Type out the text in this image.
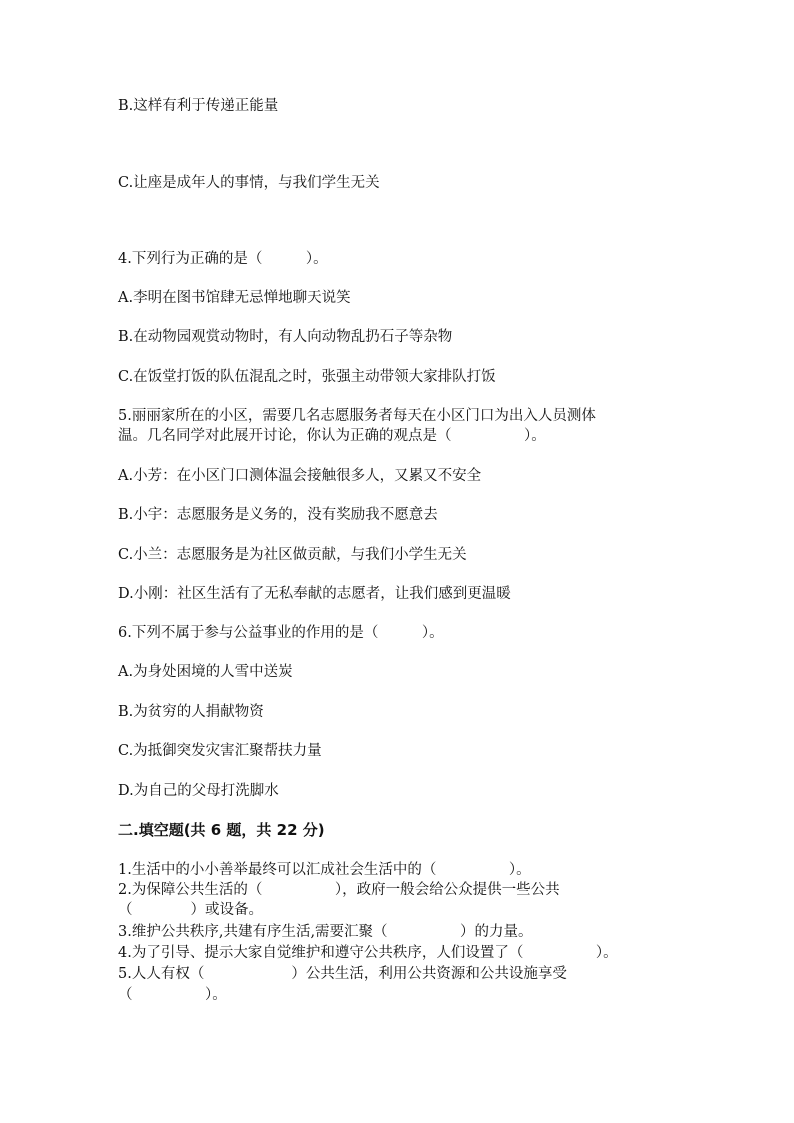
B.这样有利于传递正能量
C.让座是成年人的事情，与我们学生无关
4.下列行为正确的是（　　　）。
A.李明在图书馆肆无忌惮地聊天说笑
B.在动物园观赏动物时，有人向动物乱扔石子等杂物
C.在饭堂打饭的队伍混乱之时，张强主动带领大家排队打饭
5.丽丽家所在的小区，需要几名志愿服务者每天在小区门口为出入人员测体
温。几名同学对此展开讨论，你认为正确的观点是（　　　　　）。
A.小芳：在小区门口测体温会接触很多人，又累又不安全
B.小宇：志愿服务是义务的，没有奖励我不愿意去
C.小兰：志愿服务是为社区做贡献，与我们小学生无关
D.小刚：社区生活有了无私奉献的志愿者，让我们感到更温暖
6.下列不属于参与公益事业的作用的是（　　　）。
A.为身处困境的人雪中送炭
B.为贫穷的人捐献物资
C.为抵御突发灾害汇聚帮扶力量
D.为自己的父母打洗脚水
二.填空题(共 6 题，共 22 分)
1.生活中的小小善举最终可以汇成社会生活中的（　　　　　）。
2.为保障公共生活的（　　　　　），政府一般会给公众提供一些公共
（　　　　）或设备。
3.维护公共秩序,共建有序生活,需要汇聚（　　　　　）的力量。
4.为了引导、提示大家自觉维护和遵守公共秩序，人们设置了（　　　　　）。
5.人人有权（　　　　　　）公共生活，利用公共资源和公共设施享受
（　　　　　）。
